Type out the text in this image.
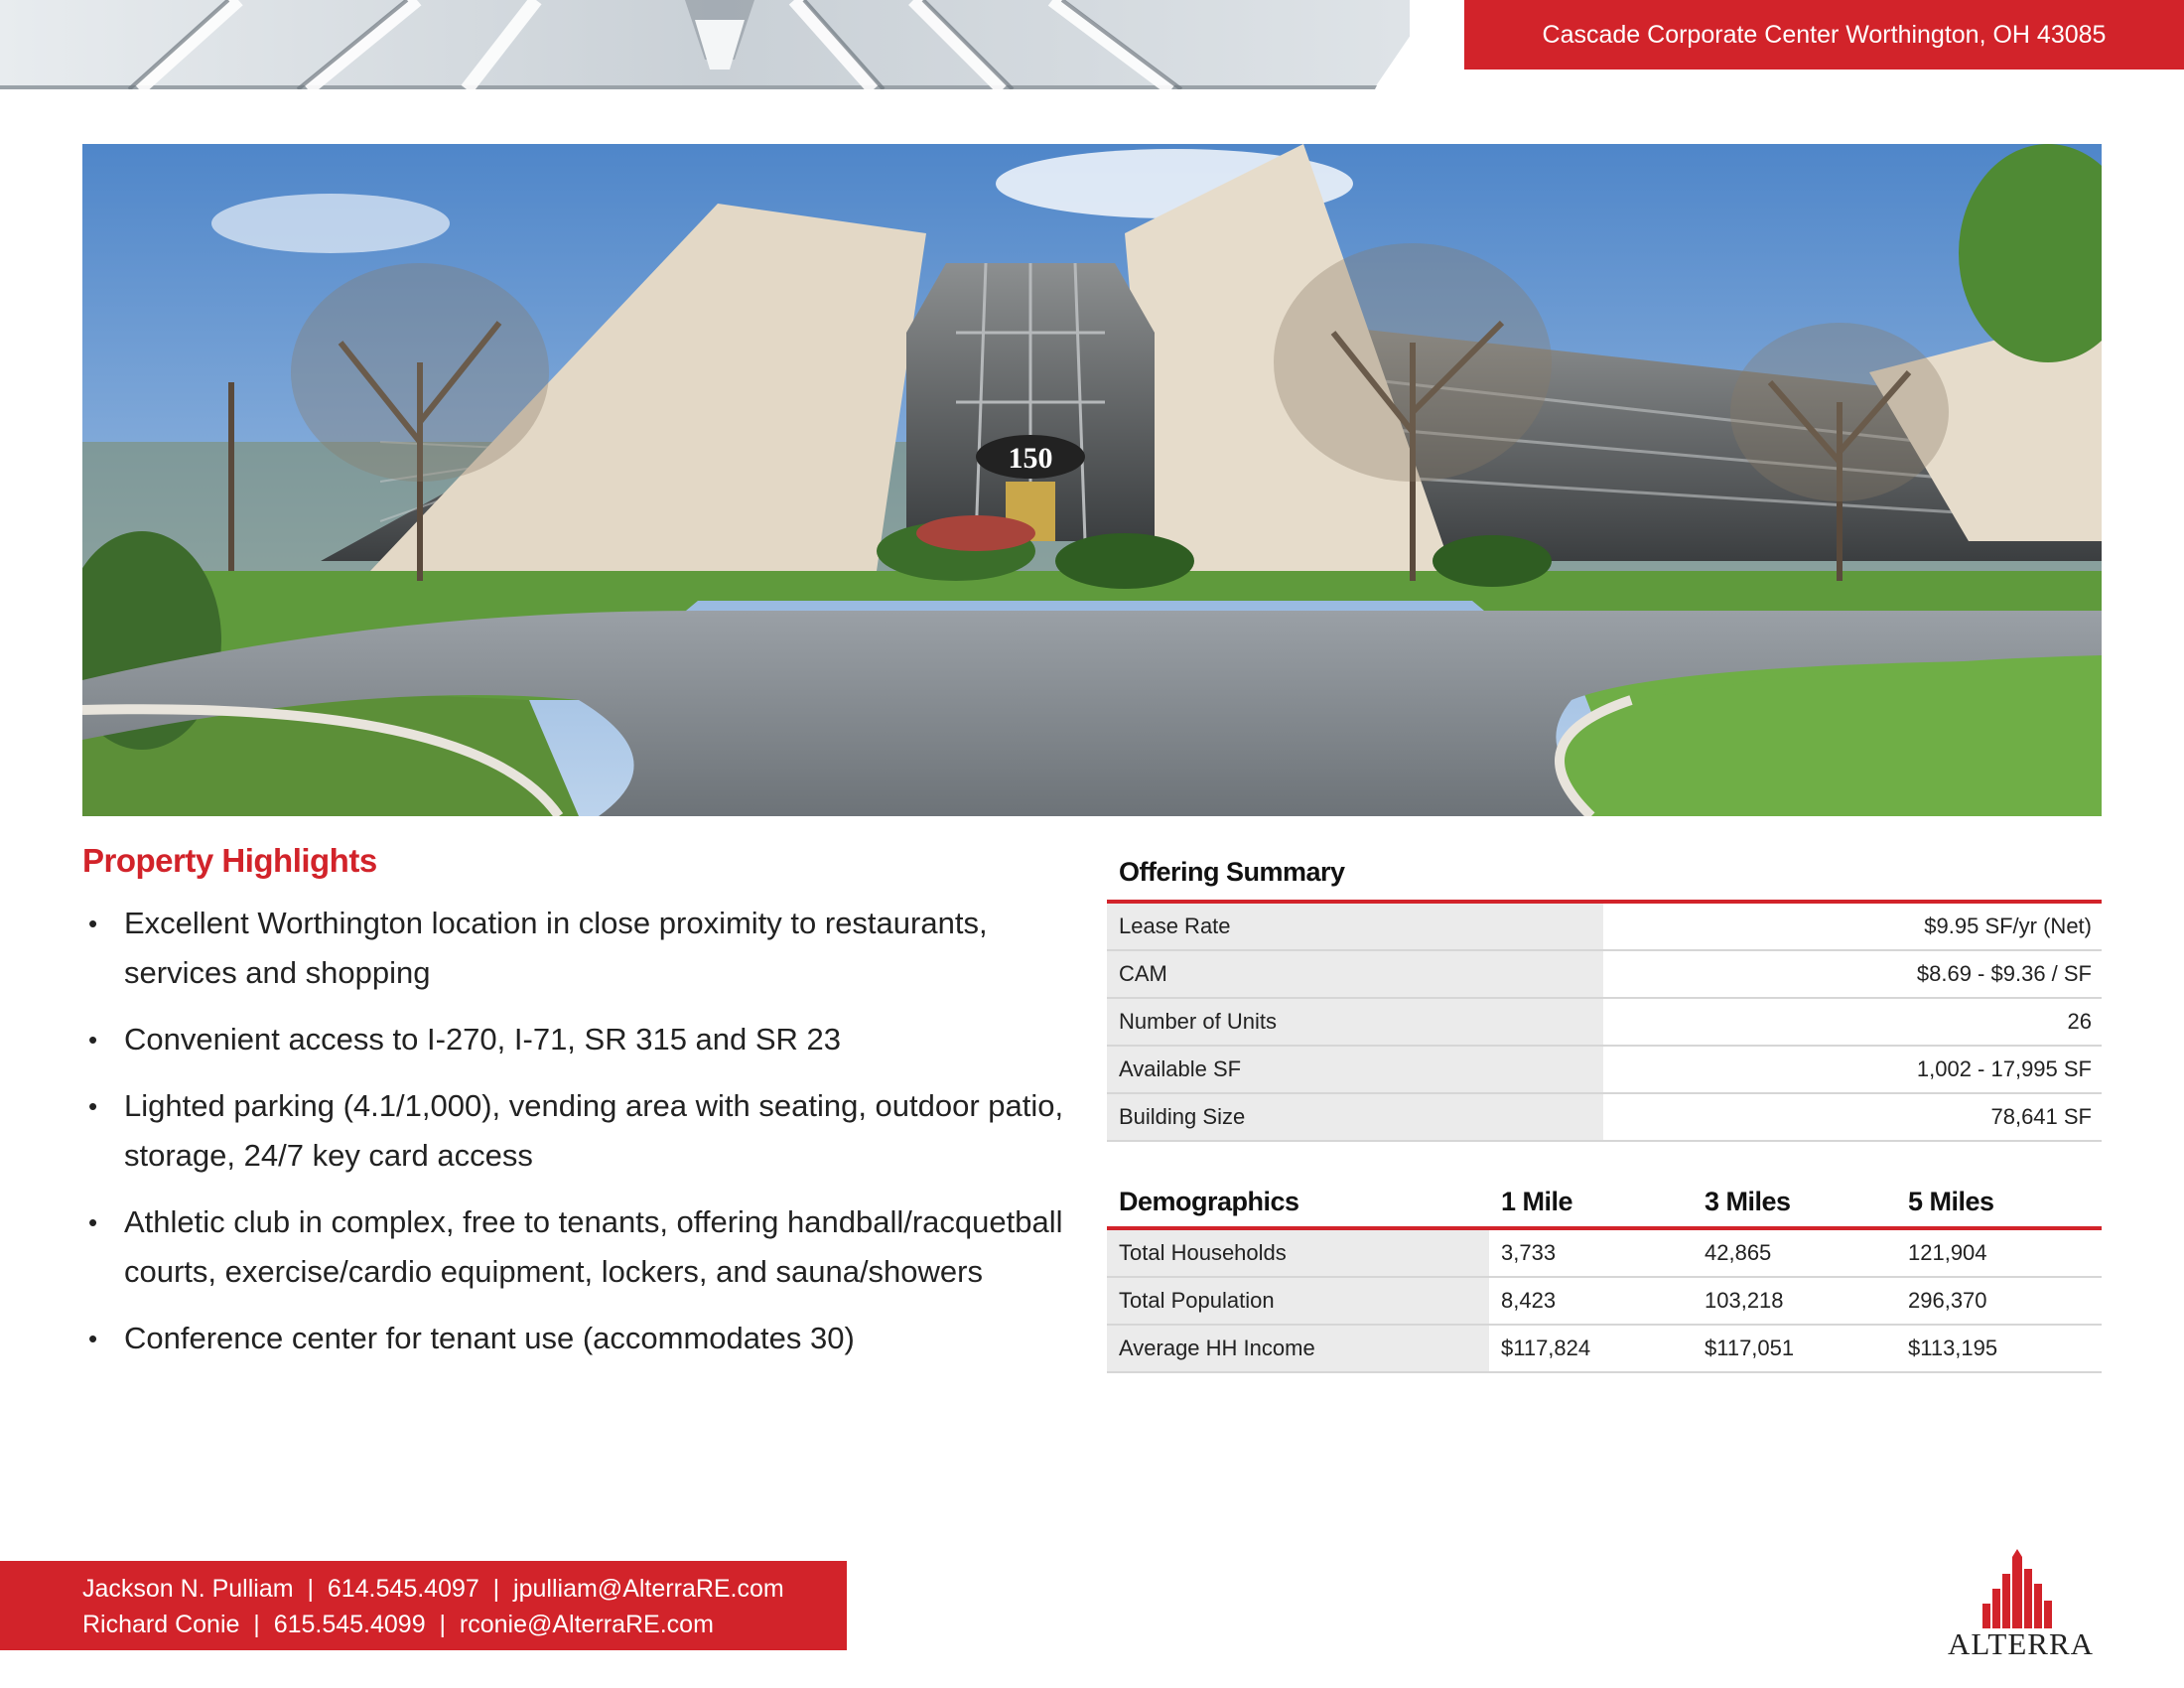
Cascade Corporate Center Worthington, OH 43085
150
Property Highlights
• Excellent Worthington location in close proximity to restaurants, services and shopping
• Convenient access to I-270, I-71, SR 315 and SR 23
• Lighted parking (4.1/1,000), vending area with seating, outdoor patio, storage, 24/7 key card access
• Athletic club in complex, free to tenants, offering handball/racquetball courts, exercise/cardio equipment, lockers, and sauna/showers
• Conference center for tenant use (accommodates 30)
Offering Summary
Lease Rate	$9.95 SF/yr (Net)
CAM	$8.69 - $9.36 / SF
Number of Units	26
Available SF	1,002 - 17,995 SF
Building Size	78,641 SF
Demographics	1 Mile	3 Miles	5 Miles
Total Households	3,733	42,865	121,904
Total Population	8,423	103,218	296,370
Average HH Income	$117,824	$117,051	$113,195
Jackson N. Pulliam  |  614.545.4097  |  jpulliam@AlterraRE.com
Richard Conie  |  615.545.4099  |  rconie@AlterraRE.com
ALTERRA
